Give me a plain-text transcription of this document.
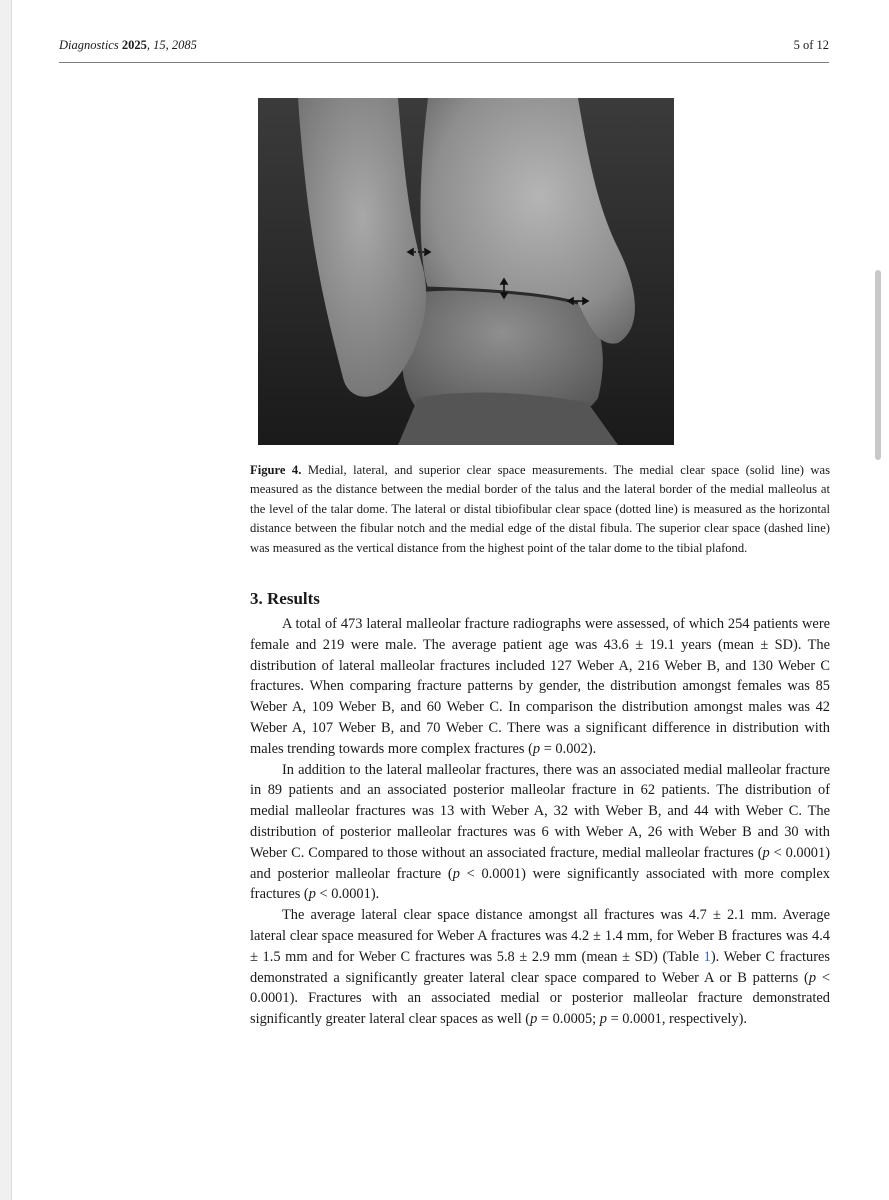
Diagnostics 2025, 15, 2085	5 of 12
Figure 4. Medial, lateral, and superior clear space measurements. The medial clear space (solid line) was measured as the distance between the medial border of the talus and the lateral border of the medial malleolus at the level of the talar dome. The lateral or distal tibiofibular clear space (dotted line) is measured as the horizontal distance between the fibular notch and the medial edge of the distal fibula. The superior clear space (dashed line) was measured as the vertical distance from the highest point of the talar dome to the tibial plafond.
3. Results

A total of 473 lateral malleolar fracture radiographs were assessed, of which 254 patients were female and 219 were male. The average patient age was 43.6 ± 19.1 years (mean ± SD). The distribution of lateral malleolar fractures included 127 Weber A, 216 Weber B, and 130 Weber C fractures. When comparing fracture patterns by gender, the distribution amongst females was 85 Weber A, 109 Weber B, and 60 Weber C. In comparison the distribution amongst males was 42 Weber A, 107 Weber B, and 70 Weber C. There was a significant difference in distribution with males trending towards more complex fractures (p = 0.002).

In addition to the lateral malleolar fractures, there was an associated medial malleolar fracture in 89 patients and an associated posterior malleolar fracture in 62 patients. The distribution of medial malleolar fractures was 13 with Weber A, 32 with Weber B, and 44 with Weber C. The distribution of posterior malleolar fractures was 6 with Weber A, 26 with Weber B and 30 with Weber C. Compared to those without an associated fracture, medial malleolar fractures (p < 0.0001) and posterior malleolar fracture (p < 0.0001) were significantly associated with more complex fractures (p < 0.0001).

The average lateral clear space distance amongst all fractures was 4.7 ± 2.1 mm. Average lateral clear space measured for Weber A fractures was 4.2 ± 1.4 mm, for Weber B fractures was 4.4 ± 1.5 mm and for Weber C fractures was 5.8 ± 2.9 mm (mean ± SD) (Table 1). Weber C fractures demonstrated a significantly greater lateral clear space compared to Weber A or B patterns (p < 0.0001). Fractures with an associated medial or posterior malleolar fracture demonstrated significantly greater lateral clear spaces as well (p = 0.0005; p = 0.0001, respectively).
